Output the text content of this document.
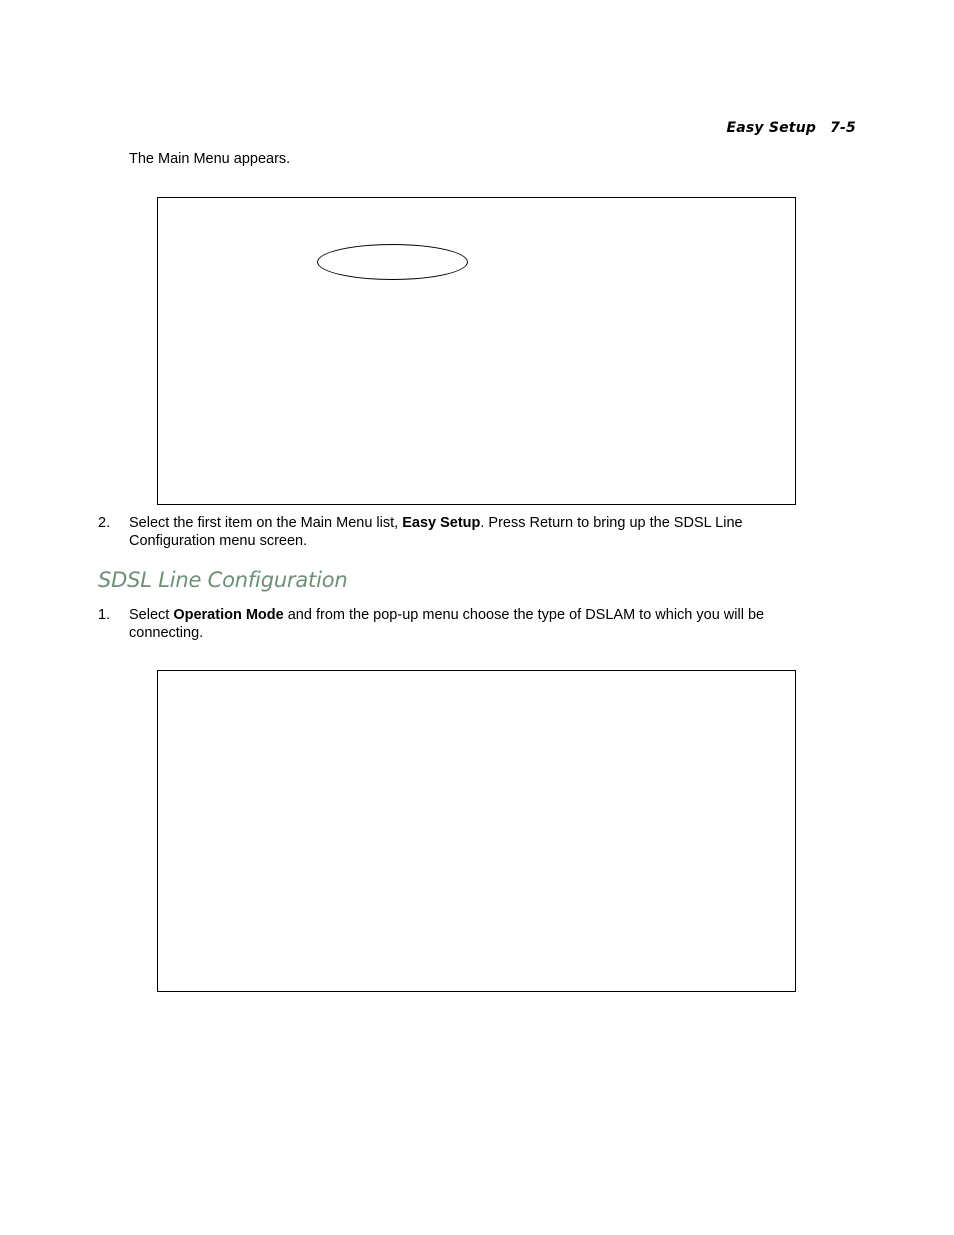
Easy Setup 7-5
The Main Menu appears.
2. Select the first item on the Main Menu list, Easy Setup. Press Return to bring up the SDSL Line Configuration menu screen.
SDSL Line Configuration
1. Select Operation Mode and from the pop-up menu choose the type of DSLAM to which you will be connecting.
